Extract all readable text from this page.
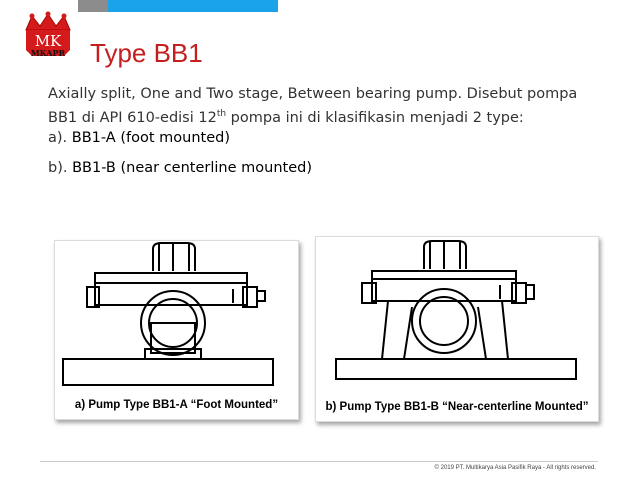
MK
MKAPR Type BB1
Axially split, One and Two stage, Between bearing pump. Disebut pompa
BB1 di API 610-edisi 12th pompa ini di klasifikasin menjadi 2 type:
a). BB1-A (foot mounted)
b). BB1-B (near centerline mounted)
a) Pump Type BB1-A “Foot Mounted”	b) Pump Type BB1-B “Near-centerline Mounted”
© 2019 PT. Multikarya Asia Pasifik Raya - All rights reserved.
